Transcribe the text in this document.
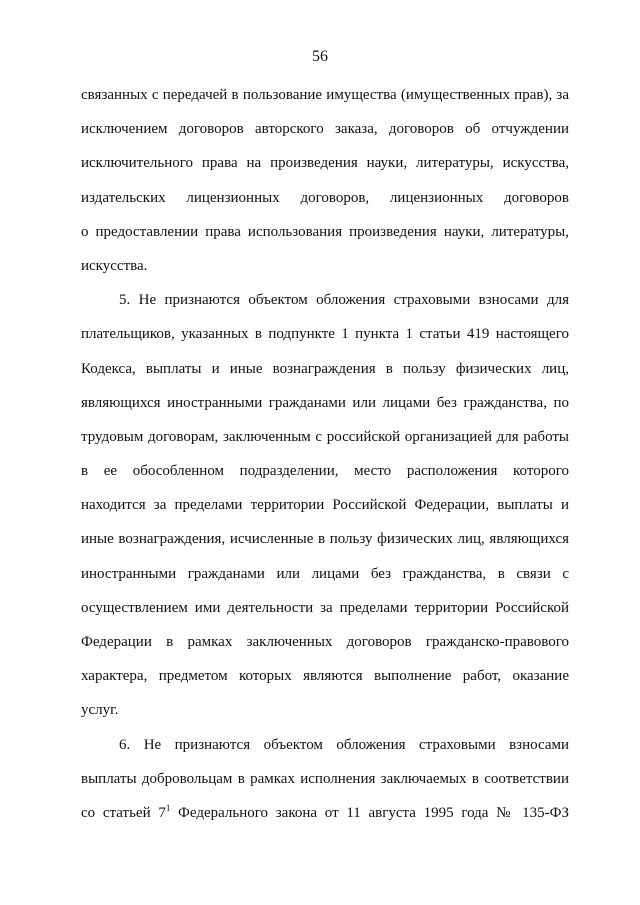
56
связанных с передачей в пользование имущества (имущественных прав), за
исключением договоров авторского заказа, договоров об отчуждении
исключительного права на произведения науки, литературы, искусства,
издательских лицензионных договоров, лицензионных договоров
о предоставлении права использования произведения науки, литературы,
искусства.
5. Не признаются объектом обложения страховыми взносами для
плательщиков, указанных в подпункте 1 пункта 1 статьи 419 настоящего
Кодекса, выплаты и иные вознаграждения в пользу физических лиц,
являющихся иностранными гражданами или лицами без гражданства, по
трудовым договорам, заключенным с российской организацией для работы
в ее обособленном подразделении, место расположения которого
находится за пределами территории Российской Федерации, выплаты и
иные вознаграждения, исчисленные в пользу физических лиц, являющихся
иностранными гражданами или лицами без гражданства, в связи с
осуществлением ими деятельности за пределами территории Российской
Федерации в рамках заключенных договоров гражданско-правового
характера, предметом которых являются выполнение работ, оказание
услуг.
6. Не признаются объектом обложения страховыми взносами
выплаты добровольцам в рамках исполнения заключаемых в соответствии
со статьей $7^1$ Федерального закона от 11 августа 1995 года № 135-ФЗ
